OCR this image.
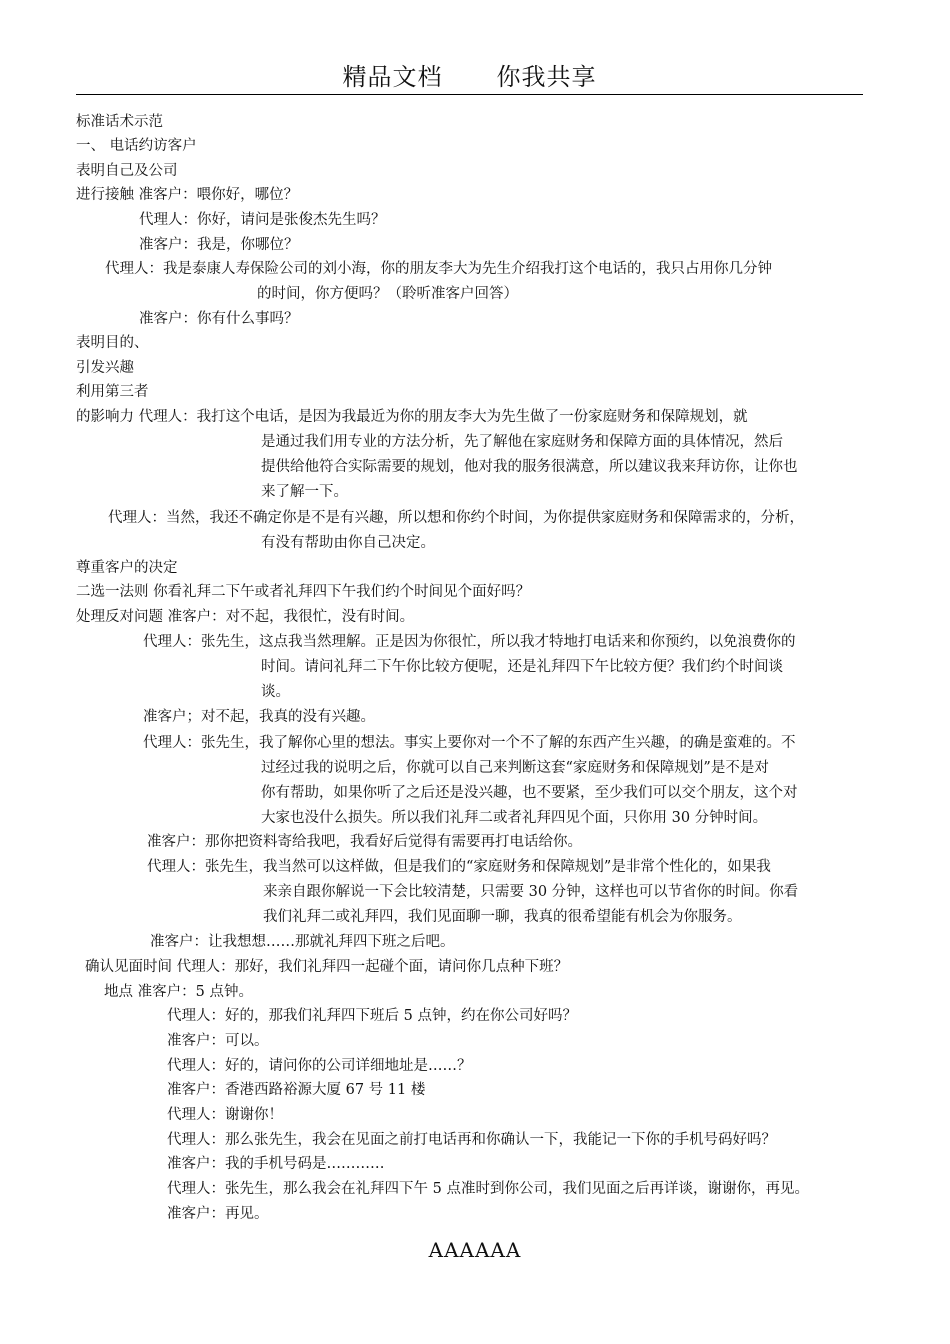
精品文档 你我共享
标准话术示范
一、 电话约访客户
表明自己及公司
进行接触 准客户：喂你好，哪位？
代理人：你好，请问是张俊杰先生吗？
准客户：我是，你哪位？
代理人：我是泰康人寿保险公司的刘小海，你的朋友李大为先生介绍我打这个电话的，我只占用你几分钟
的时间，你方便吗？（聆听准客户回答）
准客户：你有什么事吗？
表明目的、
引发兴趣
利用第三者
的影响力 代理人：我打这个电话，是因为我最近为你的朋友李大为先生做了一份家庭财务和保障规划，就
是通过我们用专业的方法分析，先了解他在家庭财务和保障方面的具体情况，然后
提供给他符合实际需要的规划，他对我的服务很满意，所以建议我来拜访你，让你也
来了解一下。
代理人：当然，我还不确定你是不是有兴趣，所以想和你约个时间，为你提供家庭财务和保障需求的，分析，
有没有帮助由你自己决定。
尊重客户的决定
二选一法则 你看礼拜二下午或者礼拜四下午我们约个时间见个面好吗？
处理反对问题 准客户：对不起，我很忙，没有时间。
代理人：张先生，这点我当然理解。正是因为你很忙，所以我才特地打电话来和你预约，以免浪费你的
时间。请问礼拜二下午你比较方便呢，还是礼拜四下午比较方便？我们约个时间谈
谈。
准客户；对不起，我真的没有兴趣。
代理人：张先生，我了解你心里的想法。事实上要你对一个不了解的东西产生兴趣，的确是蛮难的。不
过经过我的说明之后，你就可以自己来判断这套“家庭财务和保障规划”是不是对
你有帮助，如果你听了之后还是没兴趣，也不要紧，至少我们可以交个朋友，这个对
大家也没什么损失。所以我们礼拜二或者礼拜四见个面，只你用 30 分钟时间。
准客户：那你把资料寄给我吧，我看好后觉得有需要再打电话给你。
代理人：张先生，我当然可以这样做，但是我们的“家庭财务和保障规划”是非常个性化的，如果我
来亲自跟你解说一下会比较清楚，只需要 30 分钟，这样也可以节省你的时间。你看
我们礼拜二或礼拜四，我们见面聊一聊，我真的很希望能有机会为你服务。
准客户：让我想想……那就礼拜四下班之后吧。
确认见面时间 代理人：那好，我们礼拜四一起碰个面，请问你几点种下班？
地点 准客户：5 点钟。
代理人：好的，那我们礼拜四下班后 5 点钟，约在你公司好吗？
准客户：可以。
代理人：好的，请问你的公司详细地址是……？
准客户：香港西路裕源大厦 67 号 11 楼
代理人：谢谢你！
代理人：那么张先生，我会在见面之前打电话再和你确认一下，我能记一下你的手机号码好吗？
准客户：我的手机号码是…………
代理人：张先生，那么我会在礼拜四下午 5 点准时到你公司，我们见面之后再详谈，谢谢你，再见。
准客户：再见。
AAAAAA
